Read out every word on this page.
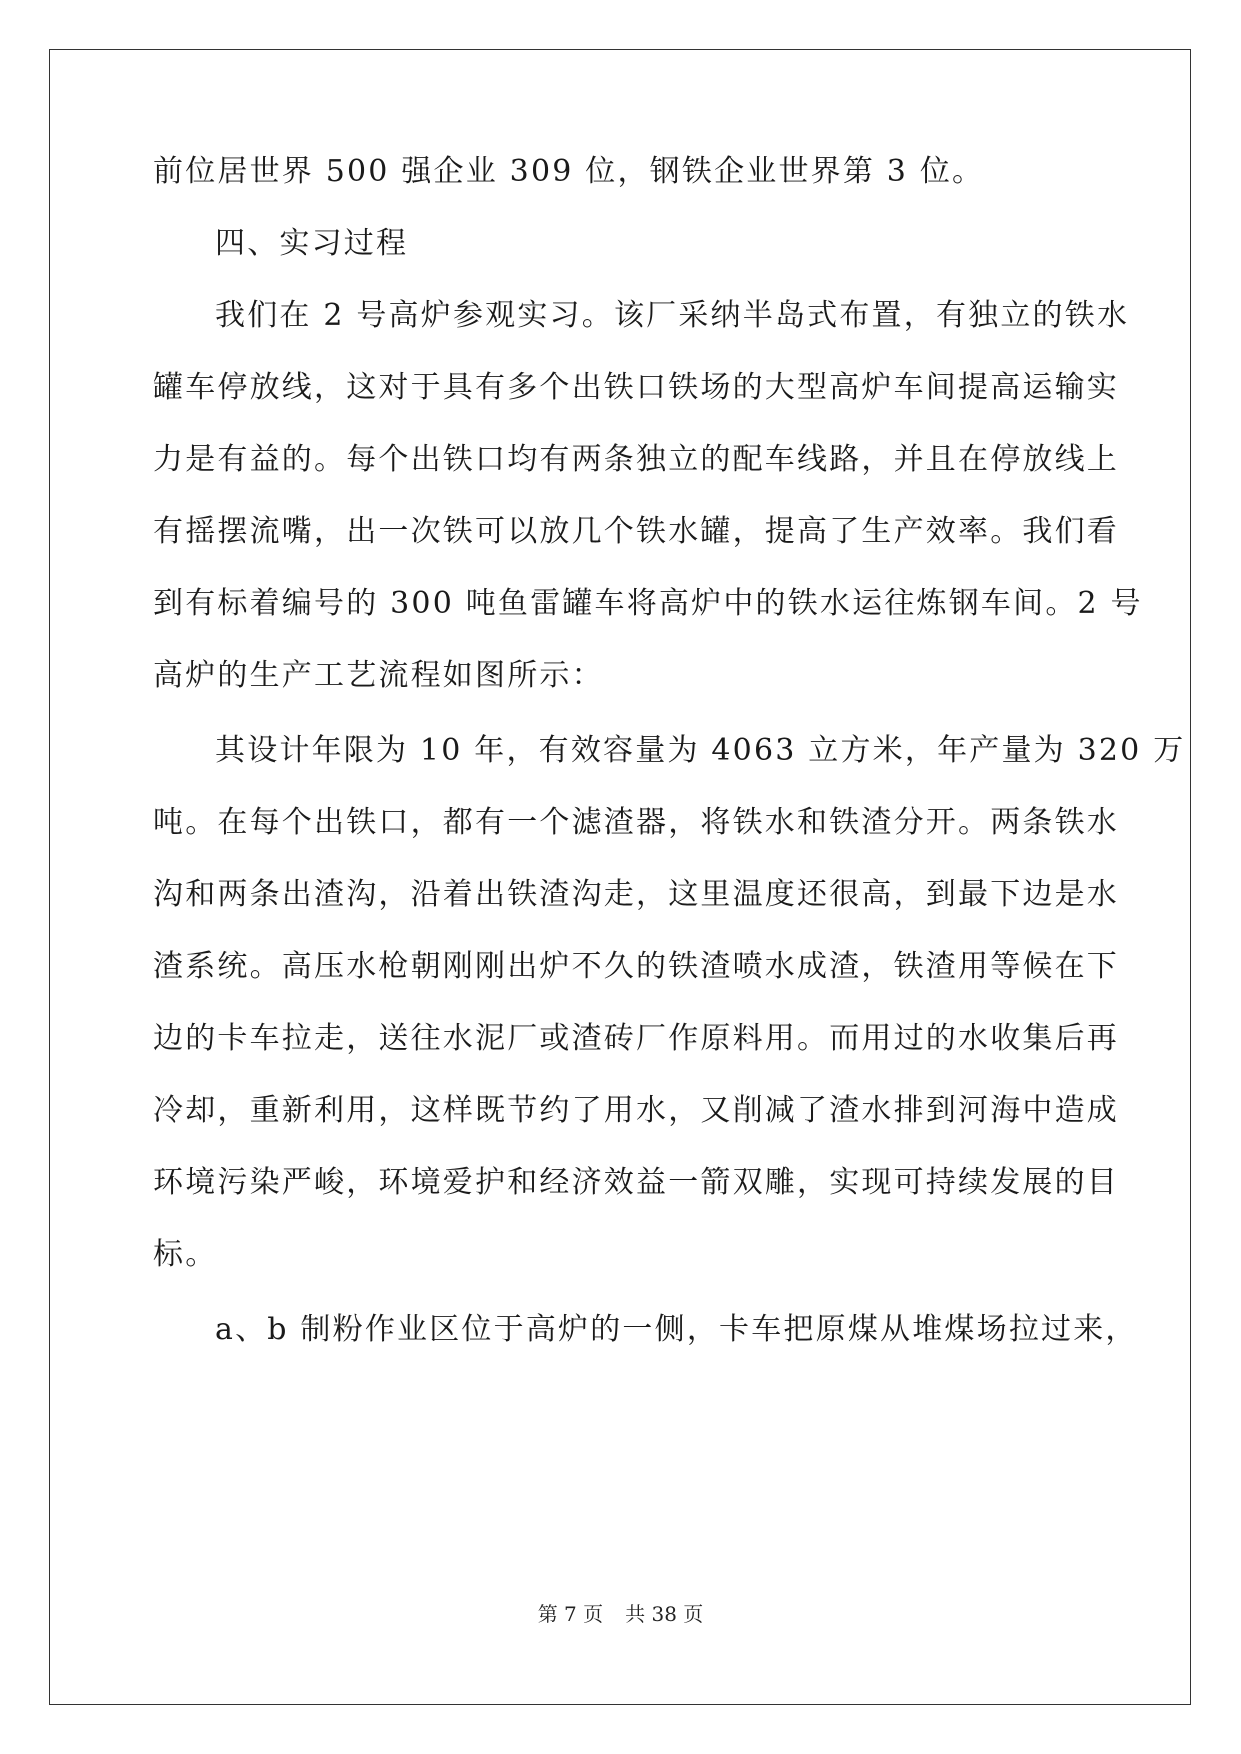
前位居世界 500 强企业 309 位，钢铁企业世界第 3 位。
四、实习过程
我们在 2 号高炉参观实习。该厂采纳半岛式布置，有独立的铁水
罐车停放线，这对于具有多个出铁口铁场的大型高炉车间提高运输实
力是有益的。每个出铁口均有两条独立的配车线路，并且在停放线上
有摇摆流嘴，出一次铁可以放几个铁水罐，提高了生产效率。我们看
到有标着编号的 300 吨鱼雷罐车将高炉中的铁水运往炼钢车间。2 号
高炉的生产工艺流程如图所示：
其设计年限为 10 年，有效容量为 4063 立方米，年产量为 320 万
吨。在每个出铁口，都有一个滤渣器，将铁水和铁渣分开。两条铁水
沟和两条出渣沟，沿着出铁渣沟走，这里温度还很高，到最下边是水
渣系统。高压水枪朝刚刚出炉不久的铁渣喷水成渣，铁渣用等候在下
边的卡车拉走，送往水泥厂或渣砖厂作原料用。而用过的水收集后再
冷却，重新利用，这样既节约了用水，又削减了渣水排到河海中造成
环境污染严峻，环境爱护和经济效益一箭双雕，实现可持续发展的目
标。
a、b 制粉作业区位于高炉的一侧，卡车把原煤从堆煤场拉过来，
第 7 页 共 38 页
